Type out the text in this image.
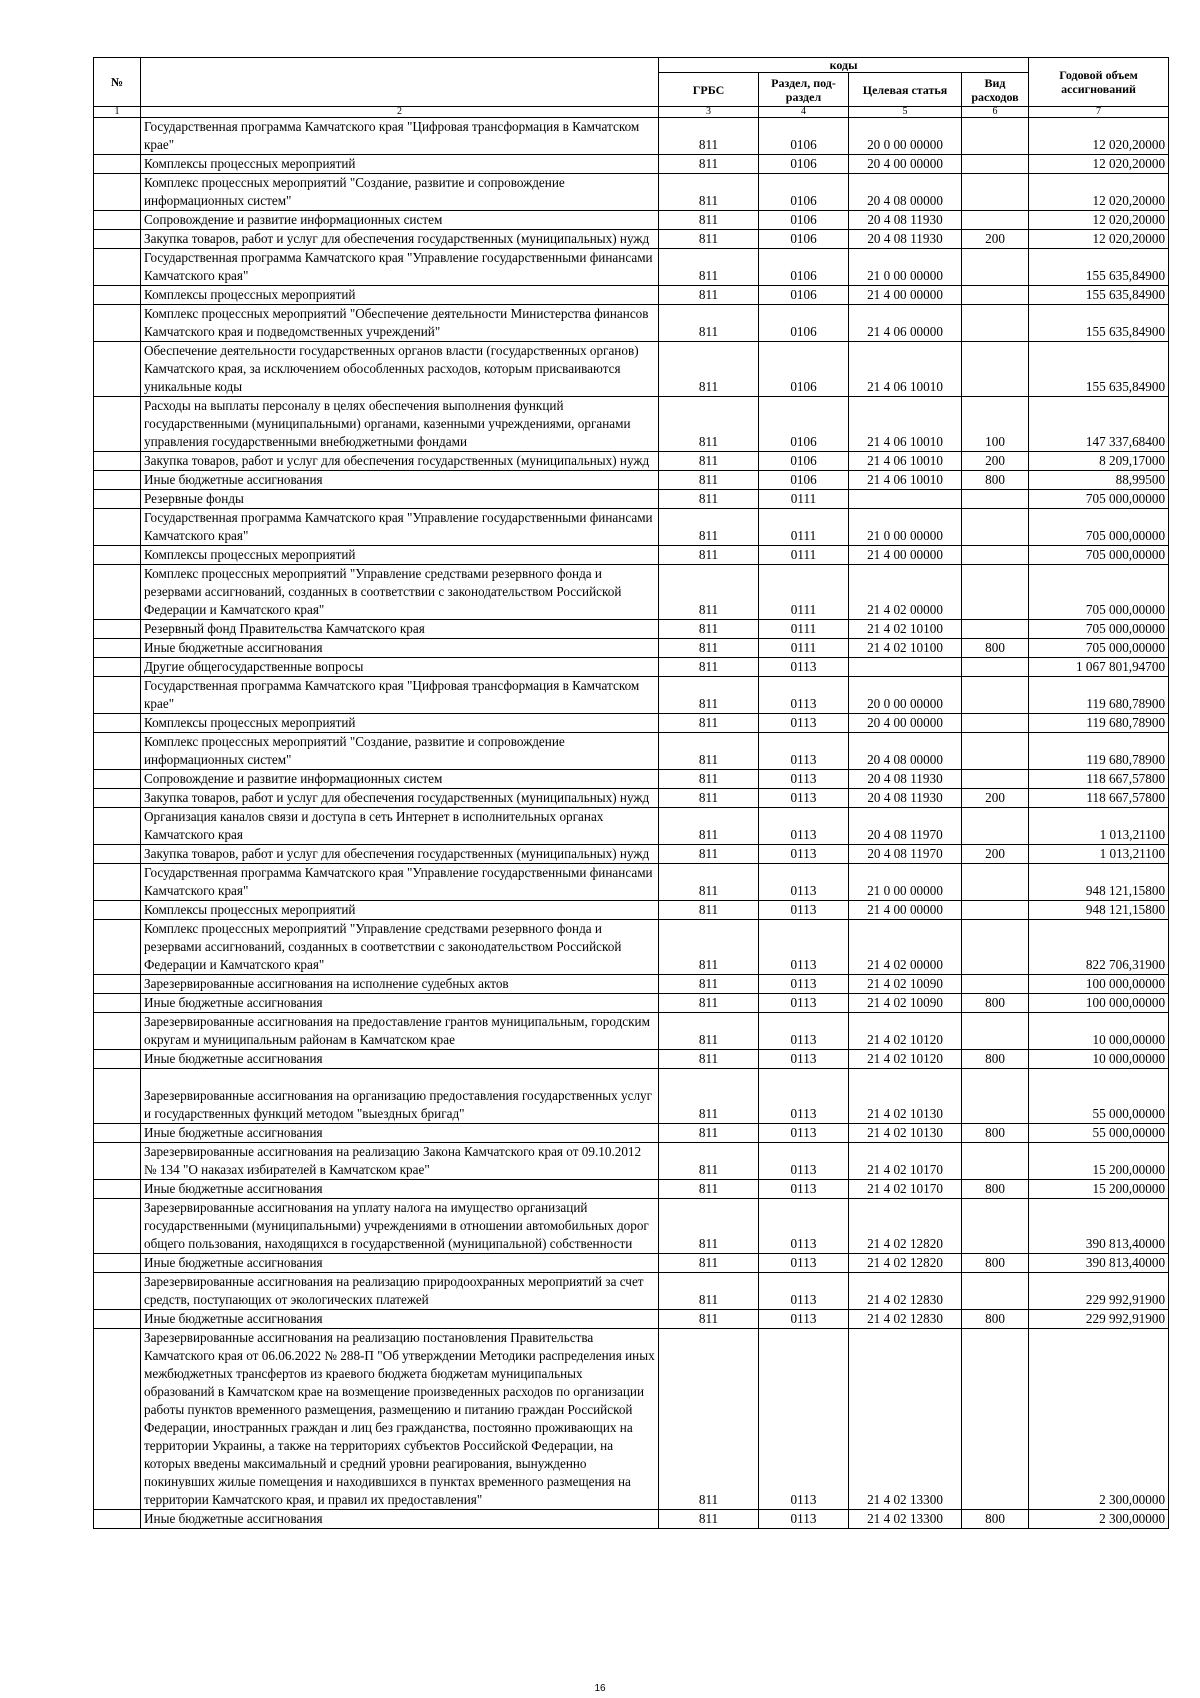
№		коды				Годовой объем ассигнований
		ГРБС	Раздел, под-раздел	Целевая статья	Вид расходов	
1	2	3	4	5	6	7
	Государственная программа Камчатского края "Цифровая трансформация в Камчатском крае"	811	0106	20 0 00 00000		12 020,20000
	Комплексы процессных мероприятий	811	0106	20 4 00 00000		12 020,20000
	Комплекс процессных мероприятий "Создание, развитие и сопровождение информационных систем"	811	0106	20 4 08 00000		12 020,20000
	Сопровождение и развитие информационных систем	811	0106	20 4 08 11930		12 020,20000
	Закупка товаров, работ и услуг для обеспечения государственных (муниципальных) нужд	811	0106	20 4 08 11930	200	12 020,20000
	Государственная программа Камчатского края "Управление государственными финансами Камчатского края"	811	0106	21 0 00 00000		155 635,84900
	Комплексы процессных мероприятий	811	0106	21 4 00 00000		155 635,84900
	Комплекс процессных мероприятий "Обеспечение деятельности Министерства финансов Камчатского края и подведомственных учреждений"	811	0106	21 4 06 00000		155 635,84900
	Обеспечение деятельности государственных органов власти (государственных органов) Камчатского края, за исключением обособленных расходов, которым присваиваются уникальные коды	811	0106	21 4 06 10010		155 635,84900
	Расходы на выплаты персоналу в целях обеспечения выполнения функций государственными (муниципальными) органами, казенными учреждениями, органами управления государственными внебюджетными фондами	811	0106	21 4 06 10010	100	147 337,68400
	Закупка товаров, работ и услуг для обеспечения государственных (муниципальных) нужд	811	0106	21 4 06 10010	200	8 209,17000
	Иные бюджетные ассигнования	811	0106	21 4 06 10010	800	88,99500
	Резервные фонды	811	0111			705 000,00000
	Государственная программа Камчатского края "Управление государственными финансами Камчатского края"	811	0111	21 0 00 00000		705 000,00000
	Комплексы процессных мероприятий	811	0111	21 4 00 00000		705 000,00000
	Комплекс процессных мероприятий "Управление средствами резервного фонда и резервами ассигнований, созданных в соответствии с законодательством Российской Федерации и Камчатского края"	811	0111	21 4 02 00000		705 000,00000
	Резервный фонд Правительства Камчатского края	811	0111	21 4 02 10100		705 000,00000
	Иные бюджетные ассигнования	811	0111	21 4 02 10100	800	705 000,00000
	Другие общегосударственные вопросы	811	0113			1 067 801,94700
	Государственная программа Камчатского края "Цифровая трансформация в Камчатском крае"	811	0113	20 0 00 00000		119 680,78900
	Комплексы процессных мероприятий	811	0113	20 4 00 00000		119 680,78900
	Комплекс процессных мероприятий "Создание, развитие и сопровождение информационных систем"	811	0113	20 4 08 00000		119 680,78900
	Сопровождение и развитие информационных систем	811	0113	20 4 08 11930		118 667,57800
	Закупка товаров, работ и услуг для обеспечения государственных (муниципальных) нужд	811	0113	20 4 08 11930	200	118 667,57800
	Организация каналов связи и доступа в сеть Интернет в исполнительных органах Камчатского края	811	0113	20 4 08 11970		1 013,21100
	Закупка товаров, работ и услуг для обеспечения государственных (муниципальных) нужд	811	0113	20 4 08 11970	200	1 013,21100
	Государственная программа Камчатского края "Управление государственными финансами Камчатского края"	811	0113	21 0 00 00000		948 121,15800
	Комплексы процессных мероприятий	811	0113	21 4 00 00000		948 121,15800
	Комплекс процессных мероприятий "Управление средствами резервного фонда и резервами ассигнований, созданных в соответствии с законодательством Российской Федерации и Камчатского края"	811	0113	21 4 02 00000		822 706,31900
	Зарезервированные ассигнования на исполнение судебных актов	811	0113	21 4 02 10090		100 000,00000
	Иные бюджетные ассигнования	811	0113	21 4 02 10090	800	100 000,00000
	Зарезервированные ассигнования на предоставление грантов муниципальным, городским округам и муниципальным районам в Камчатском крае	811	0113	21 4 02 10120		10 000,00000
	Иные бюджетные ассигнования	811	0113	21 4 02 10120	800	10 000,00000
	Зарезервированные ассигнования на организацию предоставления государственных услуг и государственных функций методом "выездных бригад"	811	0113	21 4 02 10130		55 000,00000
	Иные бюджетные ассигнования	811	0113	21 4 02 10130	800	55 000,00000
	Зарезервированные ассигнования на реализацию Закона Камчатского края от 09.10.2012 № 134 "О наказах избирателей в Камчатском крае"	811	0113	21 4 02 10170		15 200,00000
	Иные бюджетные ассигнования	811	0113	21 4 02 10170	800	15 200,00000
	Зарезервированные ассигнования на уплату налога на имущество организаций государственными (муниципальными) учреждениями в отношении автомобильных дорог общего пользования, находящихся в государственной (муниципальной) собственности	811	0113	21 4 02 12820		390 813,40000
	Иные бюджетные ассигнования	811	0113	21 4 02 12820	800	390 813,40000
	Зарезервированные ассигнования на реализацию природоохранных мероприятий за счет средств, поступающих от экологических платежей	811	0113	21 4 02 12830		229 992,91900
	Иные бюджетные ассигнования	811	0113	21 4 02 12830	800	229 992,91900
	Зарезервированные ассигнования на реализацию постановления Правительства Камчатского края от 06.06.2022 № 288-П "Об утверждении Методики распределения иных межбюджетных трансфертов из краевого бюджета бюджетам муниципальных образований в Камчатском крае на возмещение произведенных расходов по организации работы пунктов временного размещения, размещению и питанию граждан Российской Федерации, иностранных граждан и лиц без гражданства, постоянно проживающих на территории Украины, а также на территориях субъектов Российской Федерации, на которых введены максимальный и средний уровни реагирования, вынужденно покинувших жилые помещения и находившихся в пунктах временного размещения на территории Камчатского края, и правил их предоставления"	811	0113	21 4 02 13300		2 300,00000
	Иные бюджетные ассигнования	811	0113	21 4 02 13300	800	2 300,00000
16
